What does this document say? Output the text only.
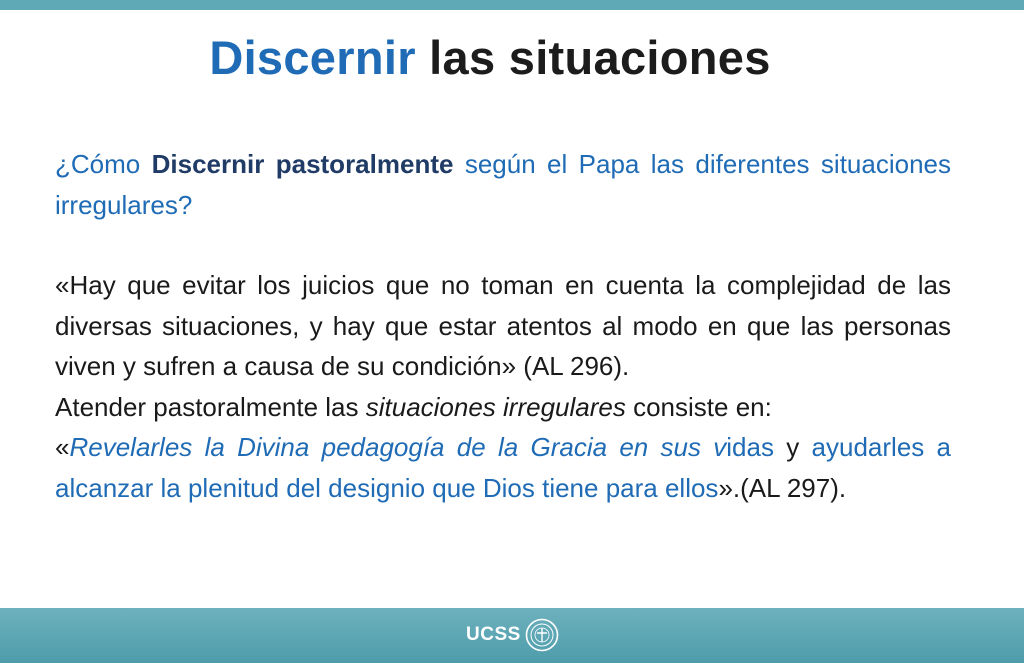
Discernir las situaciones

¿Cómo Discernir pastoralmente según el Papa las diferentes situaciones irregulares?

«Hay que evitar los juicios que no toman en cuenta la complejidad de las diversas situaciones, y hay que estar atentos al modo en que las personas viven y sufren a causa de su condición» (AL 296).

Atender pastoralmente las situaciones irregulares consiste en:

«Revelarles la Divina pedagogía de la Gracia en sus vidas y ayudarles a alcanzar la plenitud del designio que Dios tiene para ellos».(AL 297).

UCSS
